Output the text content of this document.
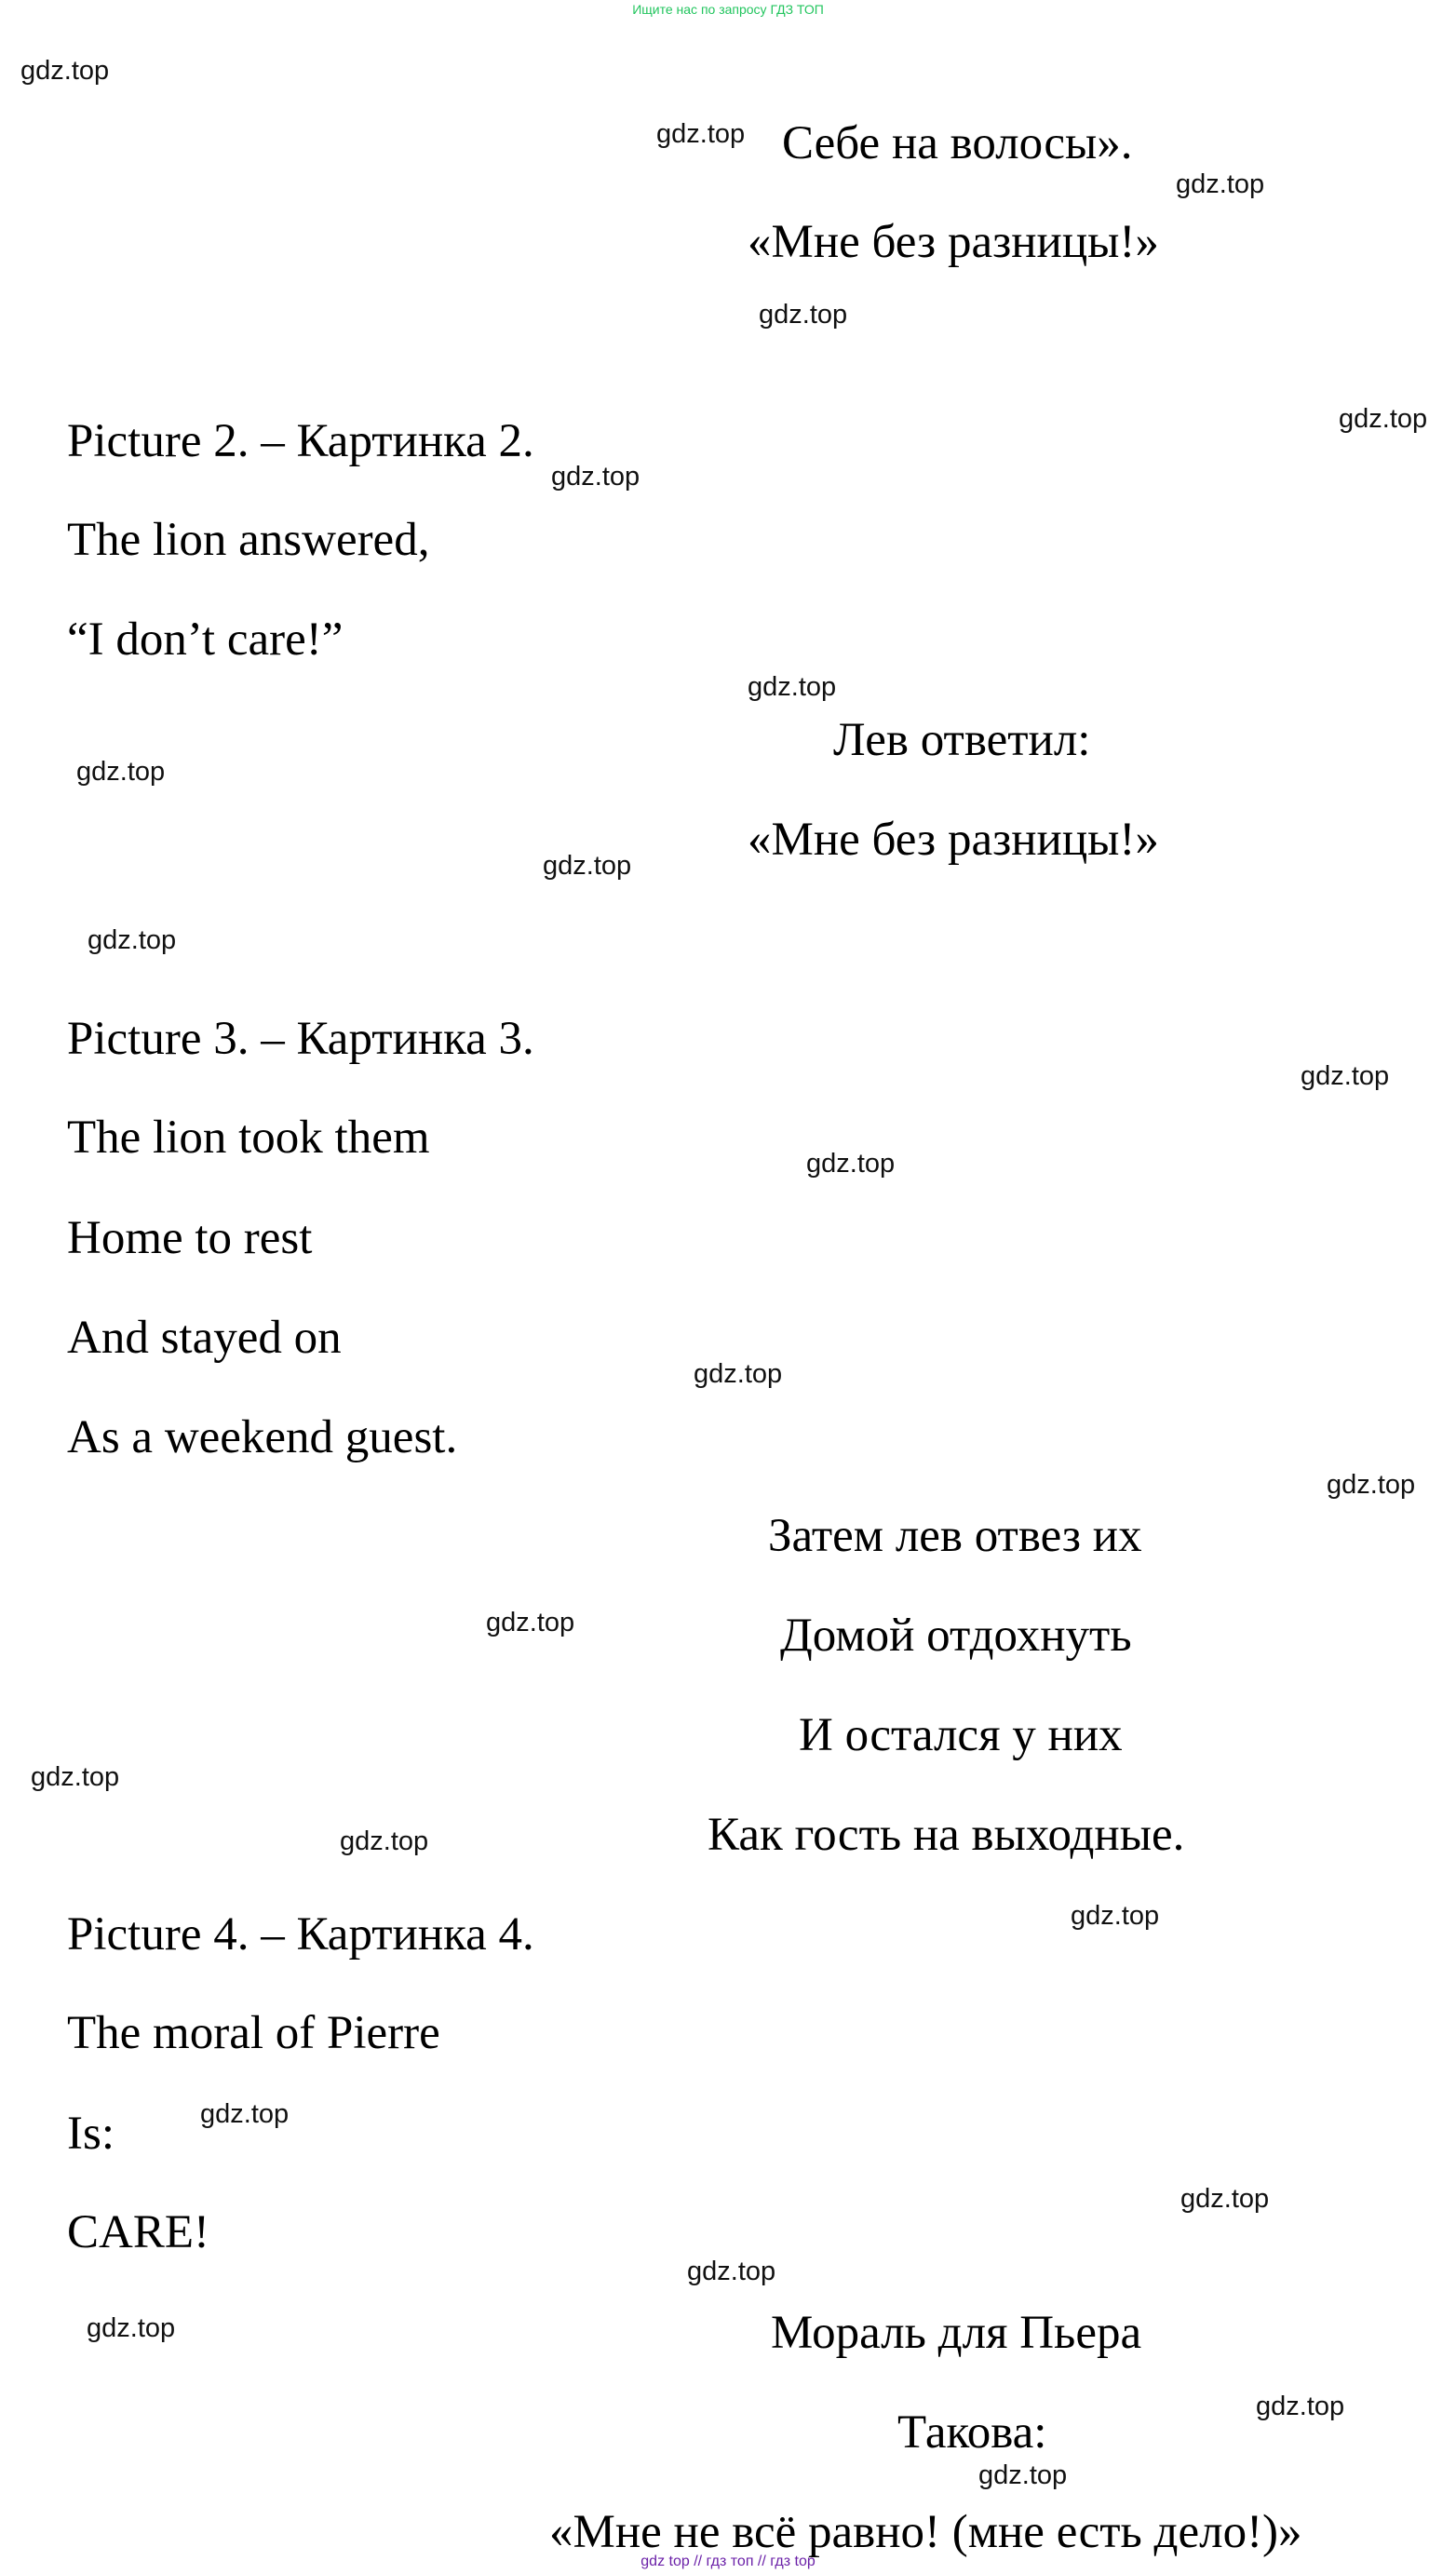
Ищите нас по запросу ГДЗ ТОП
Себе на волосы».
«Мне без разницы!»
Picture 2. – Картинка 2.
The lion answered,
“I don’t care!”
Лев ответил:
«Мне без разницы!»
Picture 3. – Картинка 3.
The lion took them
Home to rest
And stayed on
As a weekend guest.
Затем лев отвез их
Домой отдохнуть
И остался у них
Как гость на выходные.
Picture 4. – Картинка 4.
The moral of Pierre
Is:
CARE!
Мораль для Пьера
Такова:
«Мне не всё равно! (мне есть дело!)»
gdz.top
gdz.top
gdz.top
gdz.top
gdz.top
gdz.top
gdz.top
gdz.top
gdz.top
gdz.top
gdz.top
gdz.top
gdz.top
gdz.top
gdz.top
gdz.top
gdz.top
gdz.top
gdz.top
gdz.top
gdz.top
gdz.top
gdz.top
gdz.top
gdz top // гдз топ // гдз top
